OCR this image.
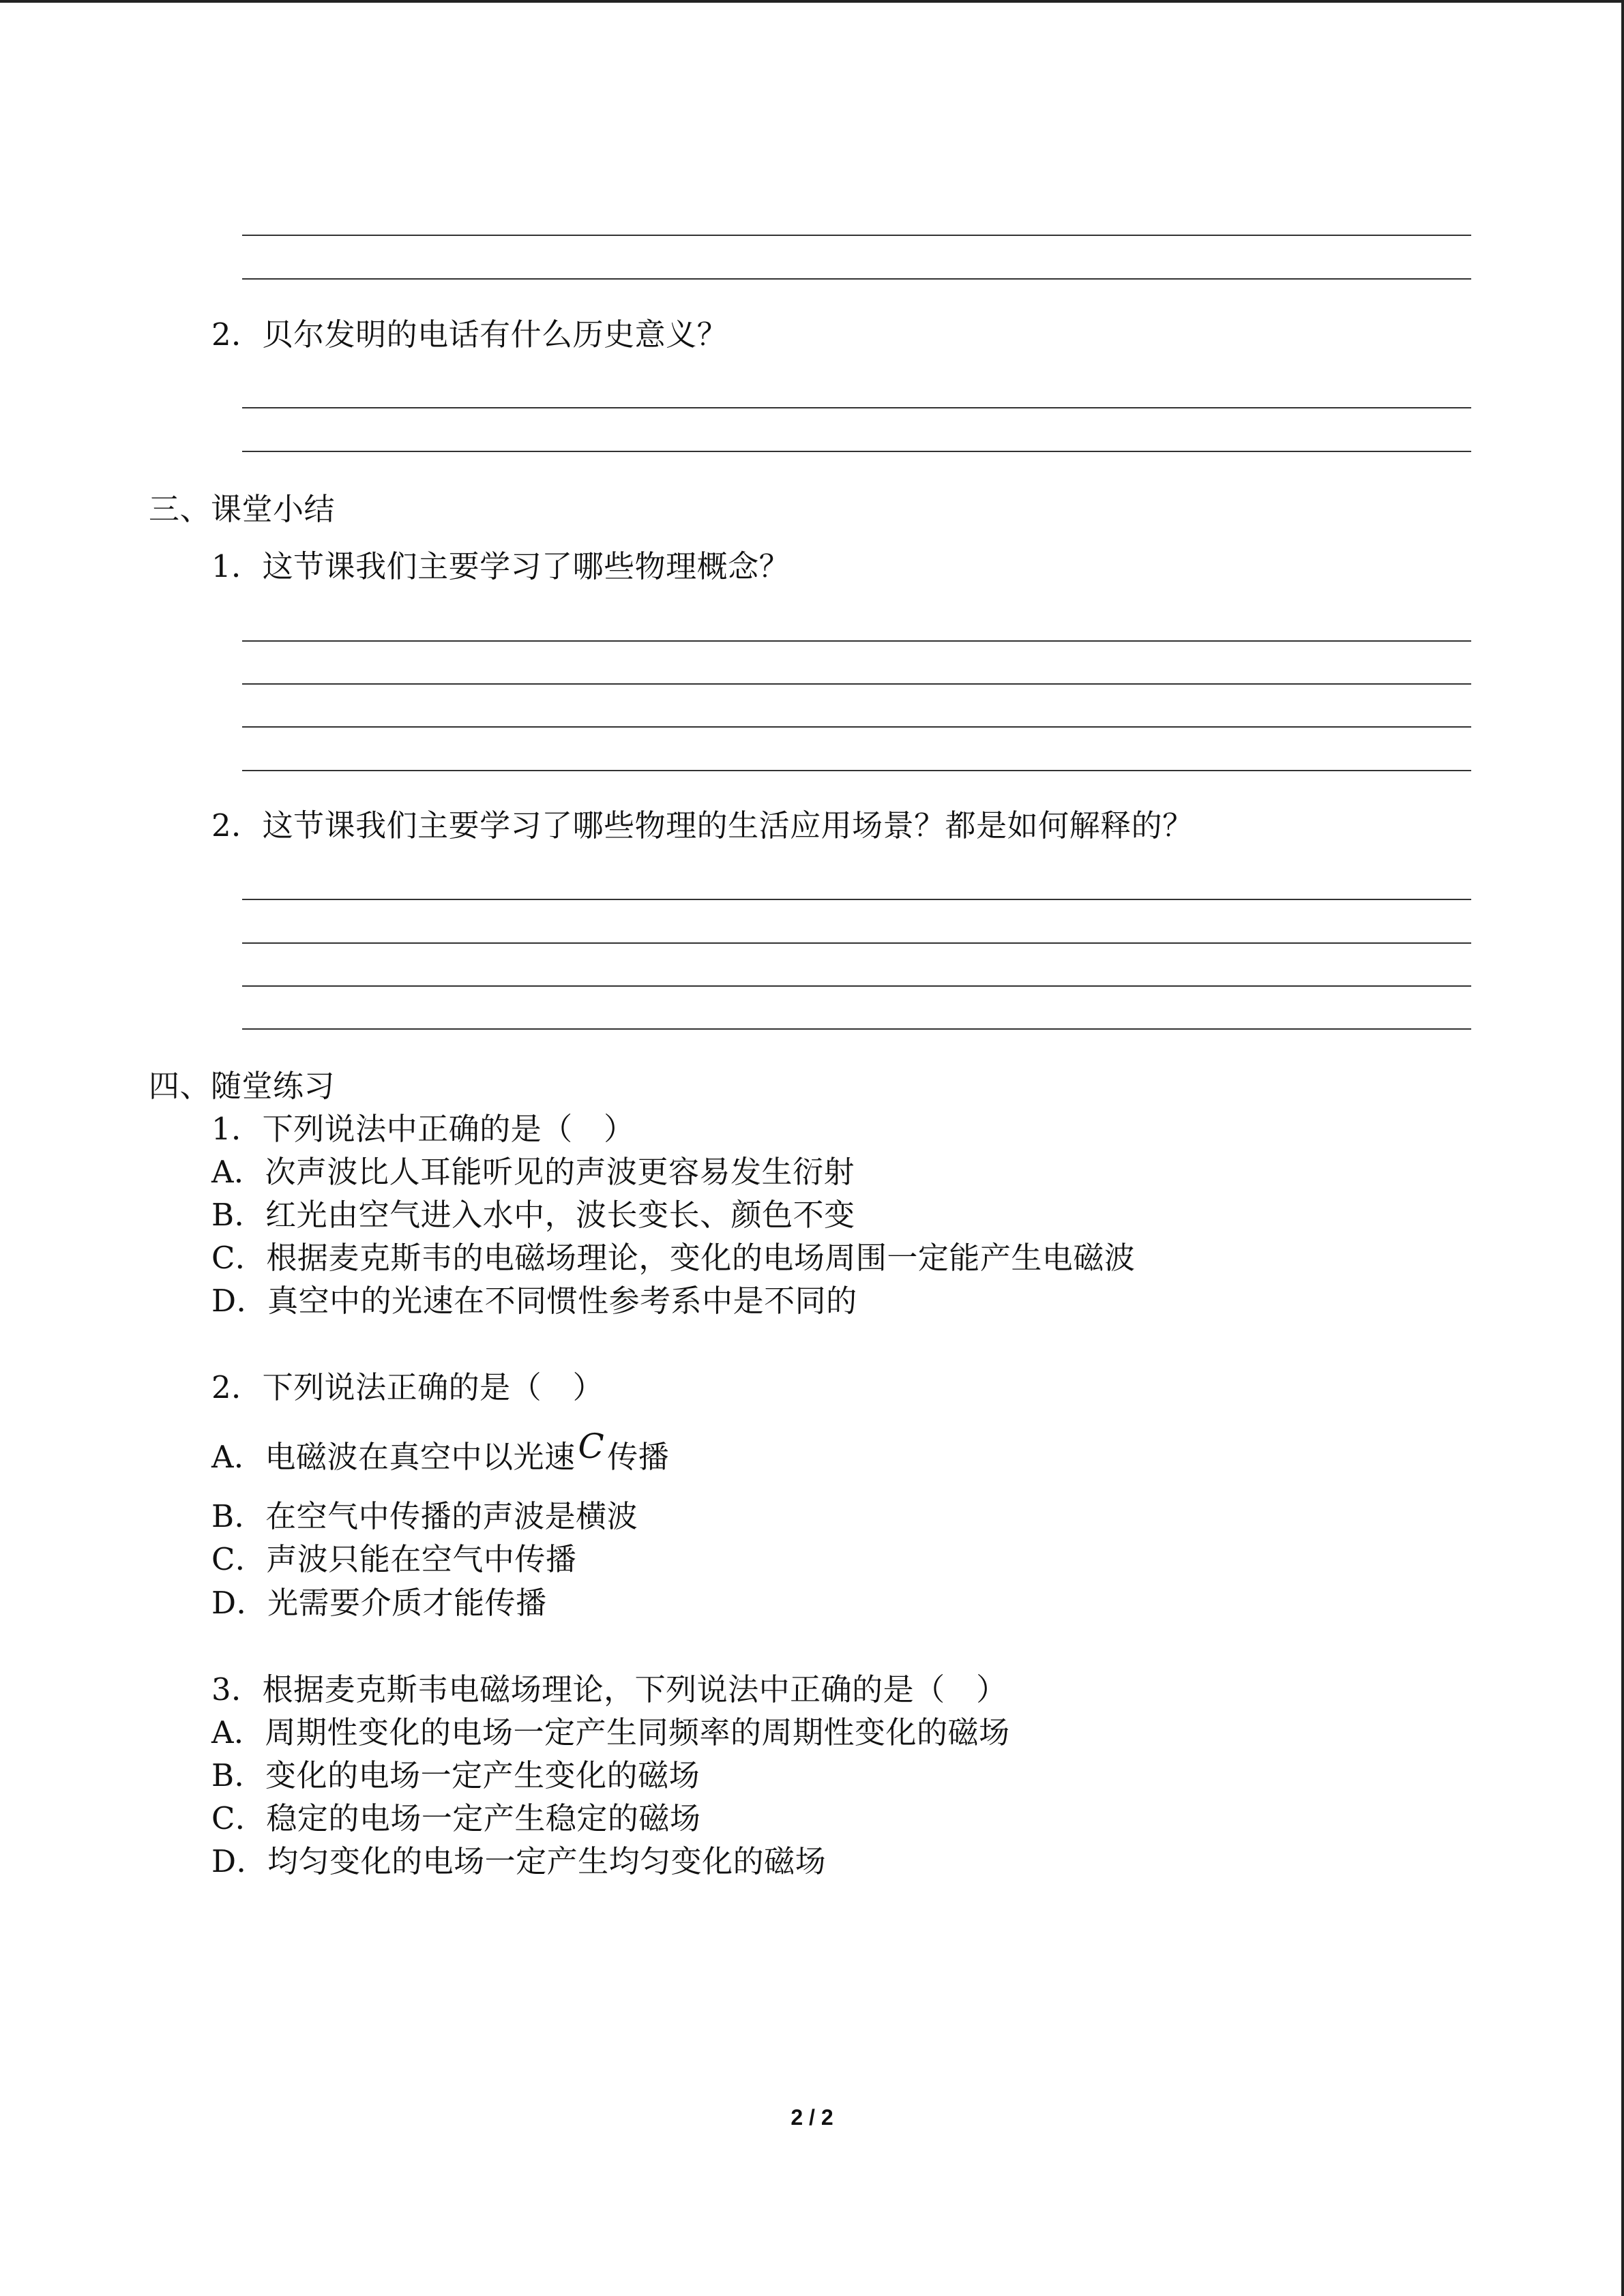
2．贝尔发明的电话有什么历史意义？
三、课堂小结
1．这节课我们主要学习了哪些物理概念？
2．这节课我们主要学习了哪些物理的生活应用场景？都是如何解释的？
四、随堂练习
1．下列说法中正确的是（　）
A．次声波比人耳能听见的声波更容易发生衍射
B．红光由空气进入水中，波长变长、颜色不变
C．根据麦克斯韦的电磁场理论，变化的电场周围一定能产生电磁波
D．真空中的光速在不同惯性参考系中是不同的
2．下列说法正确的是（　）
A．电磁波在真空中以光速C传播
B．在空气中传播的声波是横波
C．声波只能在空气中传播
D．光需要介质才能传播
3．根据麦克斯韦电磁场理论，下列说法中正确的是（　）
A．周期性变化的电场一定产生同频率的周期性变化的磁场
B．变化的电场一定产生变化的磁场
C．稳定的电场一定产生稳定的磁场
D．均匀变化的电场一定产生均匀变化的磁场
2 / 2
